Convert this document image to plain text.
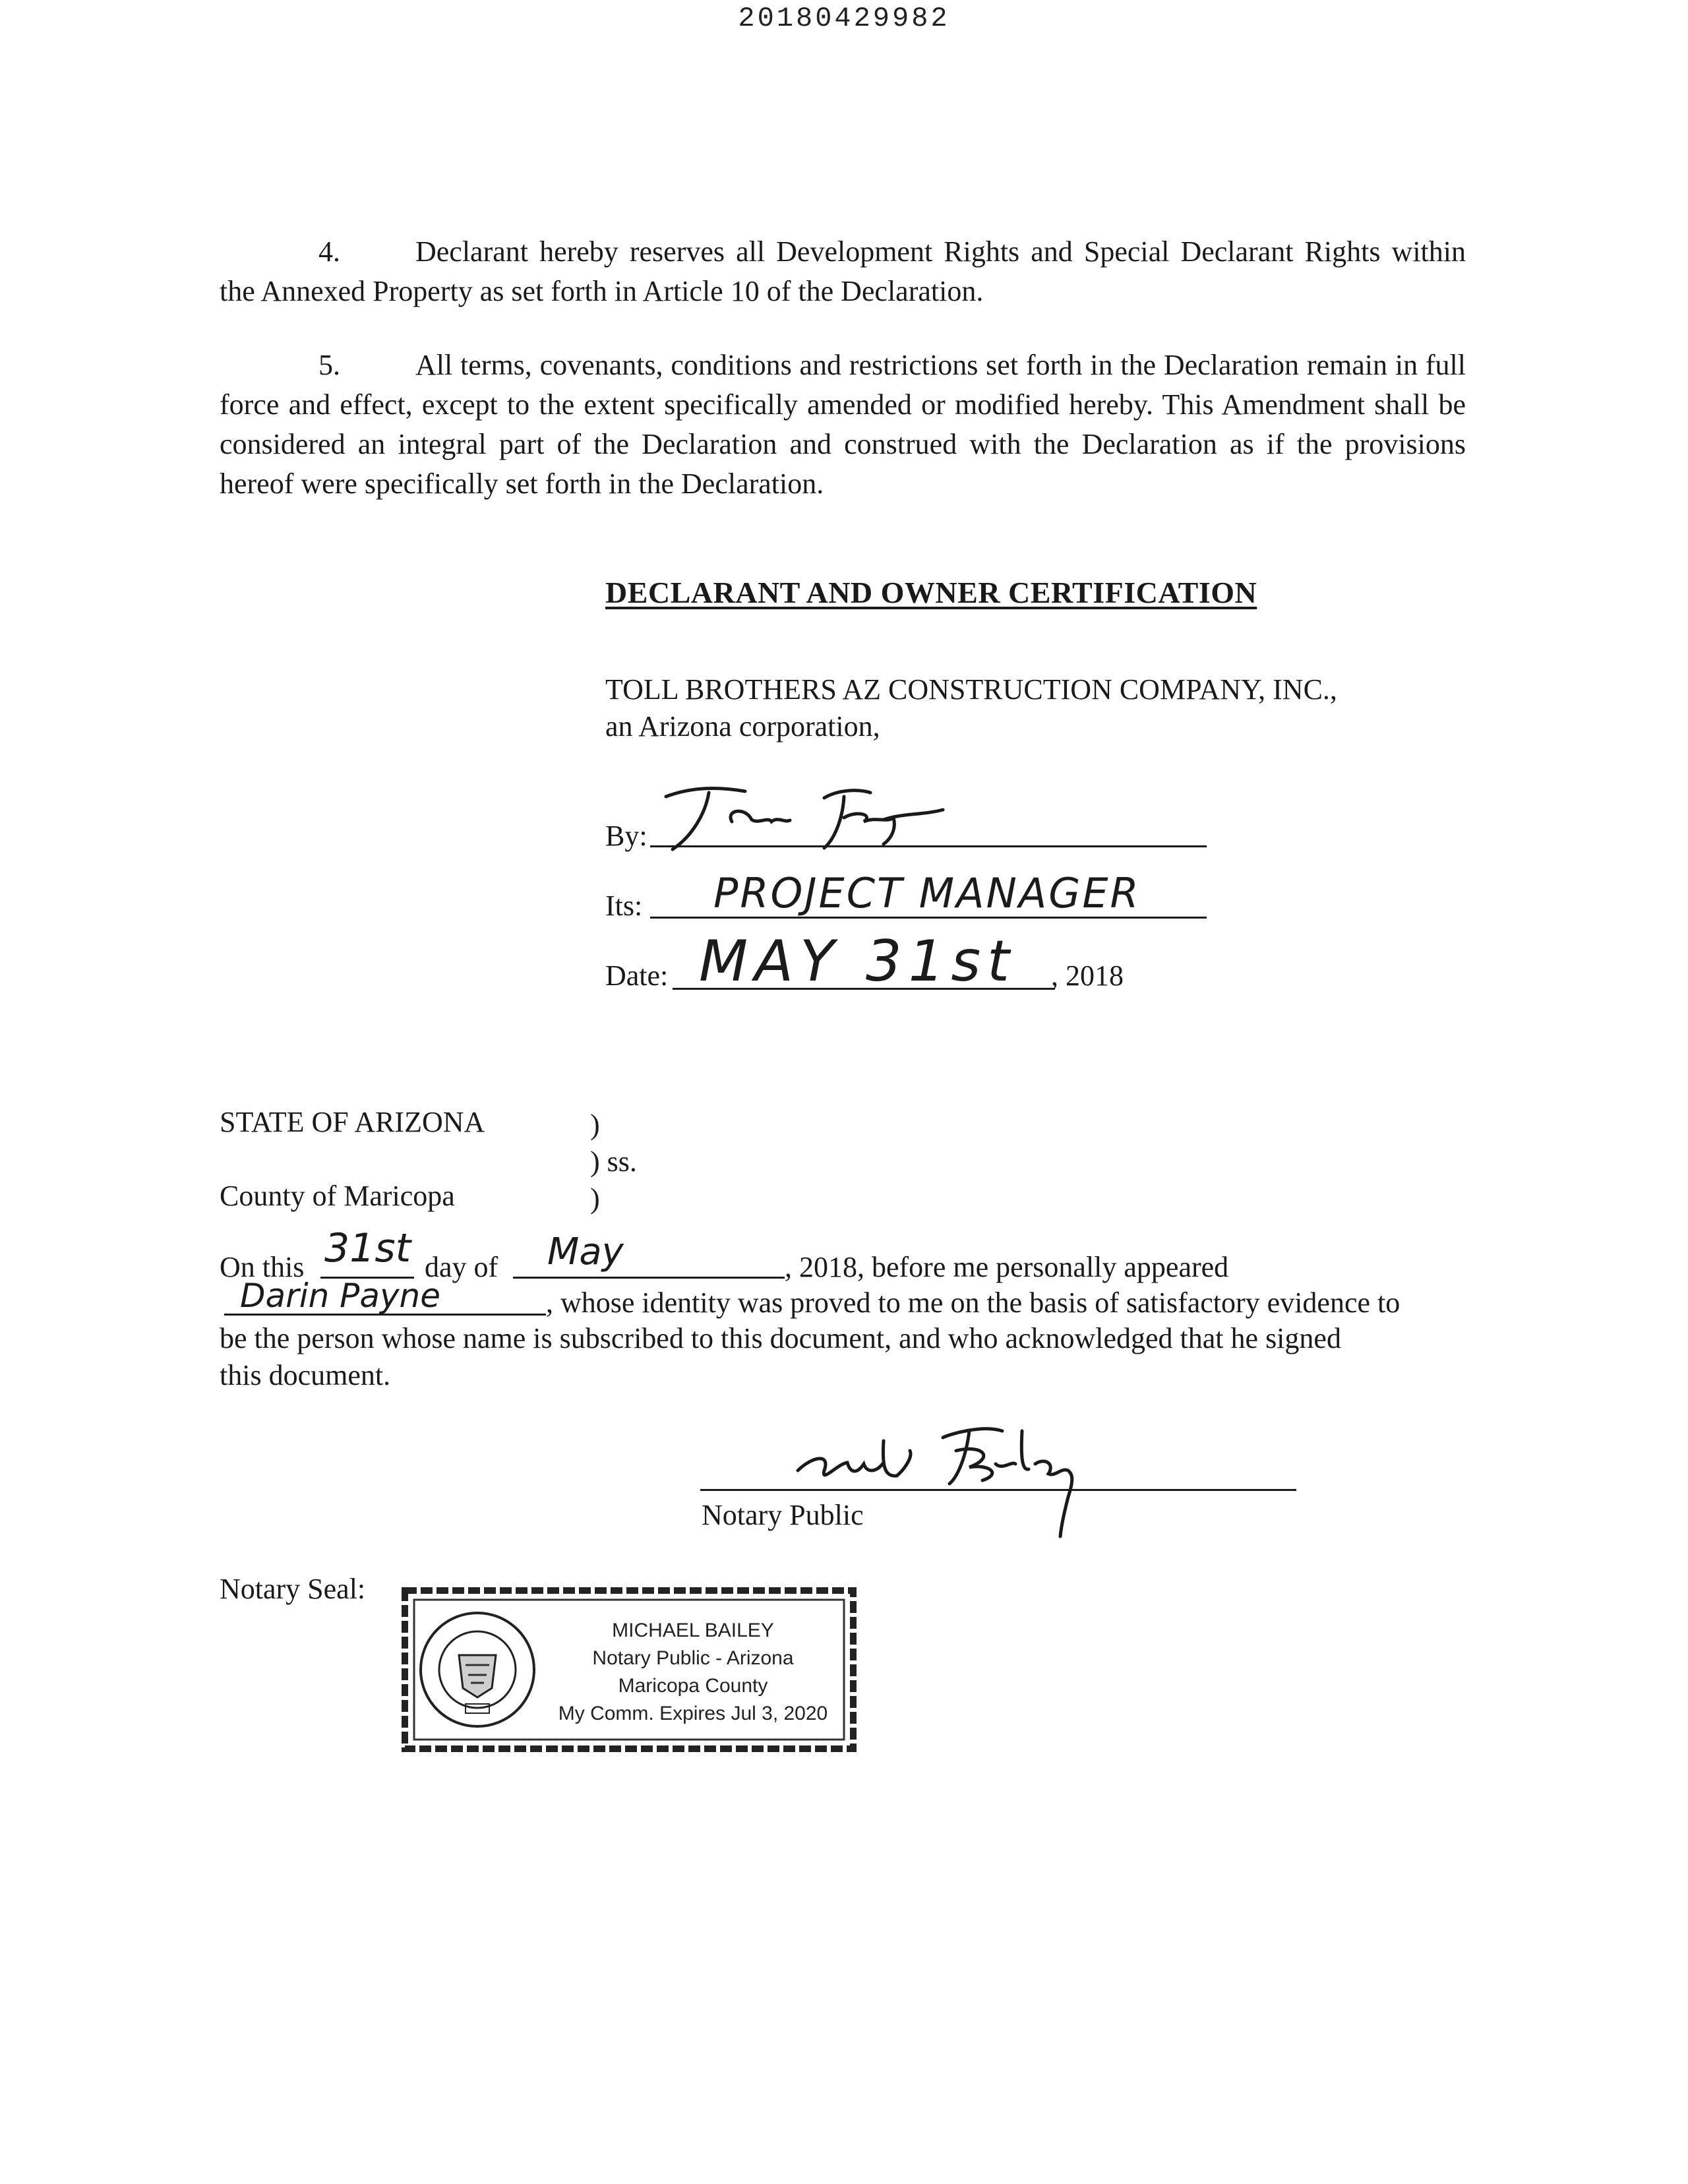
20180429982
4.	Declarant hereby reserves all Development Rights and Special Declarant Rights within the Annexed Property as set forth in Article 10 of the Declaration.
5.	All terms, covenants, conditions and restrictions set forth in the Declaration remain in full force and effect, except to the extent specifically amended or modified hereby. This Amendment shall be considered an integral part of the Declaration and construed with the Declaration as if the provisions hereof were specifically set forth in the Declaration.
DECLARANT AND OWNER CERTIFICATION
TOLL BROTHERS AZ CONSTRUCTION COMPANY, INC.,
an Arizona corporation,
By:
Its: PROJECT MANAGER
Date: MAY 31st , 2018
STATE OF ARIZONA	)
) ss.
County of Maricopa	)
On this 31st day of May	, 2018, before me personally appeared
Darin Payne	, whose identity was proved to me on the basis of satisfactory evidence to
be the person whose name is subscribed to this document, and who acknowledged that he signed
this document.
Notary Public
Notary Seal:
MICHAEL BAILEY
Notary Public - Arizona
Maricopa County
My Comm. Expires Jul 3, 2020
